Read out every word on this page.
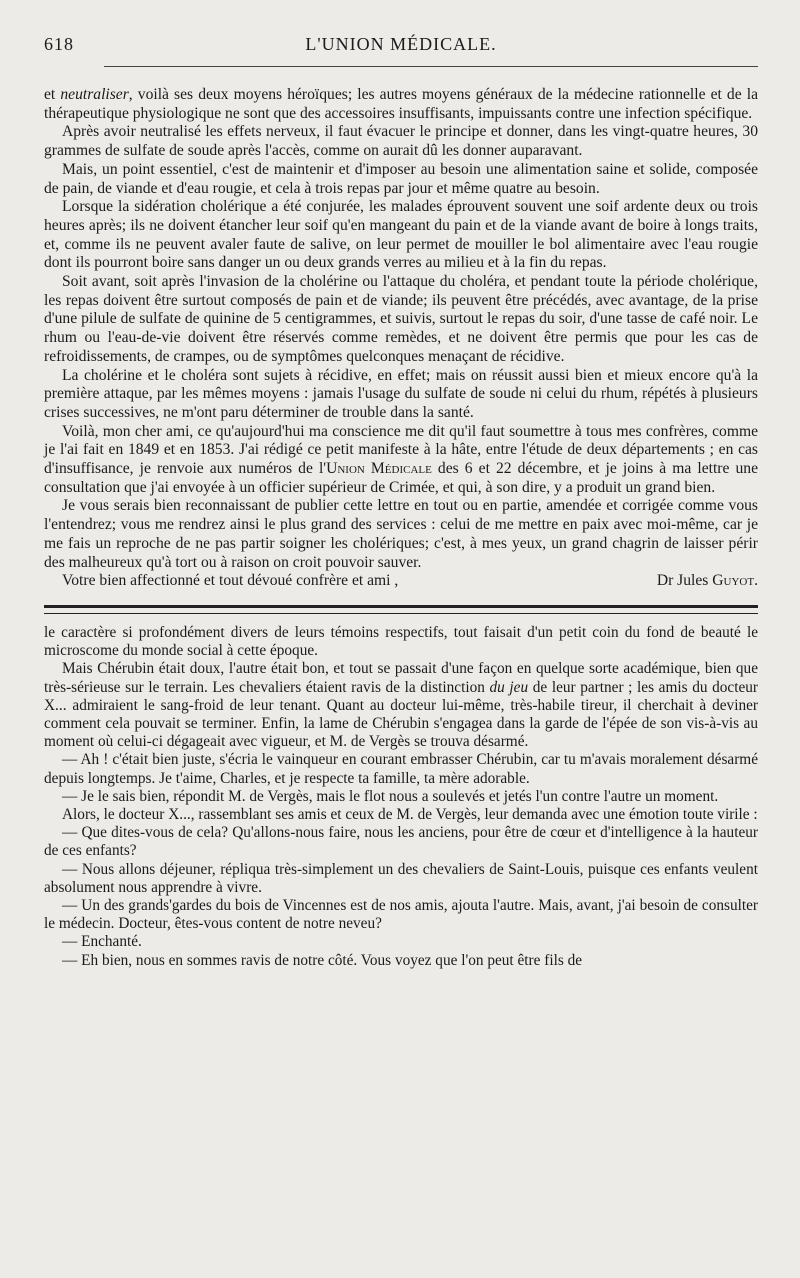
618	L'UNION MÉDICALE.

et neutraliser, voilà ses deux moyens héroïques; les autres moyens généraux de la médecine rationnelle et de la thérapeutique physiologique ne sont que des accessoires insuffisants, impuissants contre une infection spécifique.

Après avoir neutralisé les effets nerveux, il faut évacuer le principe et donner, dans les vingt-quatre heures, 30 grammes de sulfate de soude après l'accès, comme on aurait dû les donner auparavant.

Mais, un point essentiel, c'est de maintenir et d'imposer au besoin une alimentation saine et solide, composée de pain, de viande et d'eau rougie, et cela à trois repas par jour et même quatre au besoin.

Lorsque la sidération cholérique a été conjurée, les malades éprouvent souvent une soif ardente deux ou trois heures après; ils ne doivent étancher leur soif qu'en mangeant du pain et de la viande avant de boire à longs traits, et, comme ils ne peuvent avaler faute de salive, on leur permet de mouiller le bol alimentaire avec l'eau rougie dont ils pourront boire sans danger un ou deux grands verres au milieu et à la fin du repas.

Soit avant, soit après l'invasion de la cholérine ou l'attaque du choléra, et pendant toute la période cholérique, les repas doivent être surtout composés de pain et de viande; ils peuvent être précédés, avec avantage, de la prise d'une pilule de sulfate de quinine de 5 centigrammes, et suivis, surtout le repas du soir, d'une tasse de café noir. Le rhum ou l'eau-de-vie doivent être réservés comme remèdes, et ne doivent être permis que pour les cas de refroidissements, de crampes, ou de symptômes quelconques menaçant de récidive.

La cholérine et le choléra sont sujets à récidive, en effet; mais on réussit aussi bien et mieux encore qu'à la première attaque, par les mêmes moyens : jamais l'usage du sulfate de soude ni celui du rhum, répétés à plusieurs crises successives, ne m'ont paru déterminer de trouble dans la santé.

Voilà, mon cher ami, ce qu'aujourd'hui ma conscience me dit qu'il faut soumettre à tous mes confrères, comme je l'ai fait en 1849 et en 1853. J'ai rédigé ce petit manifeste à la hâte, entre l'étude de deux départements ; en cas d'insuffisance, je renvoie aux numéros de l'Union Médicale des 6 et 22 décembre, et je joins à ma lettre une consultation que j'ai envoyée à un officier supérieur de Crimée, et qui, à son dire, y a produit un grand bien.

Je vous serais bien reconnaissant de publier cette lettre en tout ou en partie, amendée et corrigée comme vous l'entendrez; vous me rendrez ainsi le plus grand des services : celui de me mettre en paix avec moi-même, car je me fais un reproche de ne pas partir soigner les cholériques; c'est, à mes yeux, un grand chagrin de laisser périr des malheureux qu'à tort ou à raison on croit pouvoir sauver.

Votre bien affectionné et tout dévoué confrère et ami ,	Dr Jules Guyot.

le caractère si profondément divers de leurs témoins respectifs, tout faisait d'un petit coin du fond de beauté le microscome du monde social à cette époque.

Mais Chérubin était doux, l'autre était bon, et tout se passait d'une façon en quelque sorte académique, bien que très-sérieuse sur le terrain. Les chevaliers étaient ravis de la distinction du jeu de leur partner ; les amis du docteur X... admiraient le sang-froid de leur tenant. Quant au docteur lui-même, très-habile tireur, il cherchait à deviner comment cela pouvait se terminer. Enfin, la lame de Chérubin s'engagea dans la garde de l'épée de son vis-à-vis au moment où celui-ci dégageait avec vigueur, et M. de Vergès se trouva désarmé.

— Ah ! c'était bien juste, s'écria le vainqueur en courant embrasser Chérubin, car tu m'avais moralement désarmé depuis longtemps. Je t'aime, Charles, et je respecte ta famille, ta mère adorable.

— Je le sais bien, répondit M. de Vergès, mais le flot nous a soulevés et jetés l'un contre l'autre un moment.

Alors, le docteur X..., rassemblant ses amis et ceux de M. de Vergès, leur demanda avec une émotion toute virile :

— Que dites-vous de cela? Qu'allons-nous faire, nous les anciens, pour être de cœur et d'intelligence à la hauteur de ces enfants?

— Nous allons déjeuner, répliqua très-simplement un des chevaliers de Saint-Louis, puisque ces enfants veulent absolument nous apprendre à vivre.

— Un des grands'gardes du bois de Vincennes est de nos amis, ajouta l'autre. Mais, avant, j'ai besoin de consulter le médecin. Docteur, êtes-vous content de notre neveu?

— Enchanté.

— Eh bien, nous en sommes ravis de notre côté. Vous voyez que l'on peut être fils de
